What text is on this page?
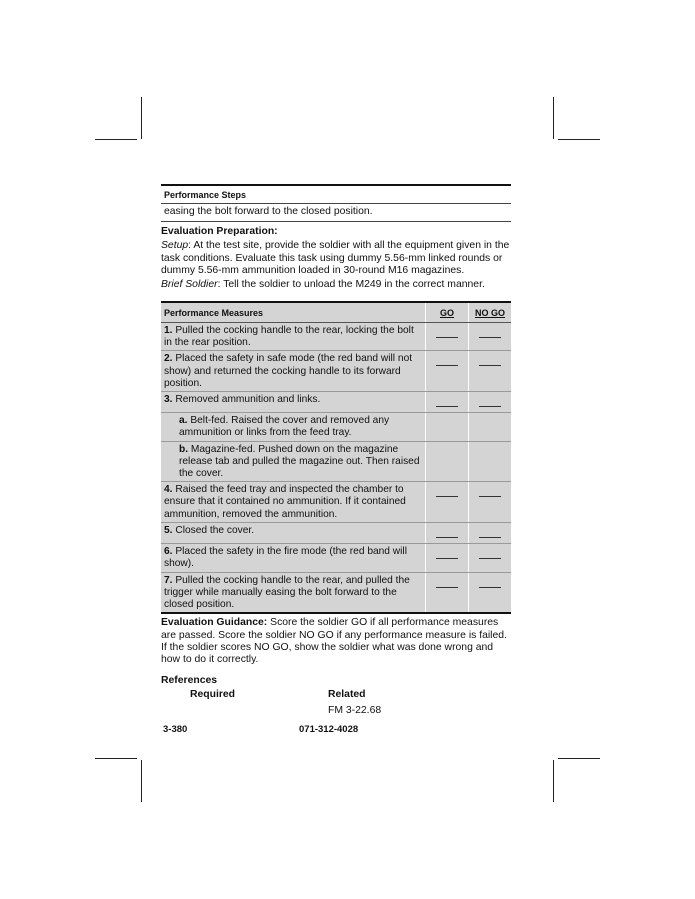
Performance Steps
easing the bolt forward to the closed position.
Evaluation Preparation:

Setup: At the test site, provide the soldier with all the equipment given in the task conditions. Evaluate this task using dummy 5.56-mm linked rounds or dummy 5.56-mm ammunition loaded in 30-round M16 magazines.

Brief Soldier: Tell the soldier to unload the M249 in the correct manner.

Performance Measures	GO	NO GO
1. Pulled the cocking handle to the rear, locking the bolt in the rear position.		
2. Placed the safety in safe mode (the red band will not show) and returned the cocking handle to its forward position.		
3. Removed ammunition and links.		
a. Belt-fed. Raised the cover and removed any ammunition or links from the feed tray.		
b. Magazine-fed. Pushed down on the magazine release tab and pulled the magazine out. Then raised the cover.		
4. Raised the feed tray and inspected the chamber to ensure that it contained no ammunition. If it contained ammunition, removed the ammunition.		
5. Closed the cover.		
6. Placed the safety in the fire mode (the red band will show).		
7. Pulled the cocking handle to the rear, and pulled the trigger while manually easing the bolt forward to the closed position.		
Evaluation Guidance: Score the soldier GO if all performance measures are passed. Score the soldier NO GO if any performance measure is failed. If the soldier scores NO GO, show the soldier what was done wrong and how to do it correctly.
References
Required	Related
FM 3-22.68
3-380	071-312-4028
